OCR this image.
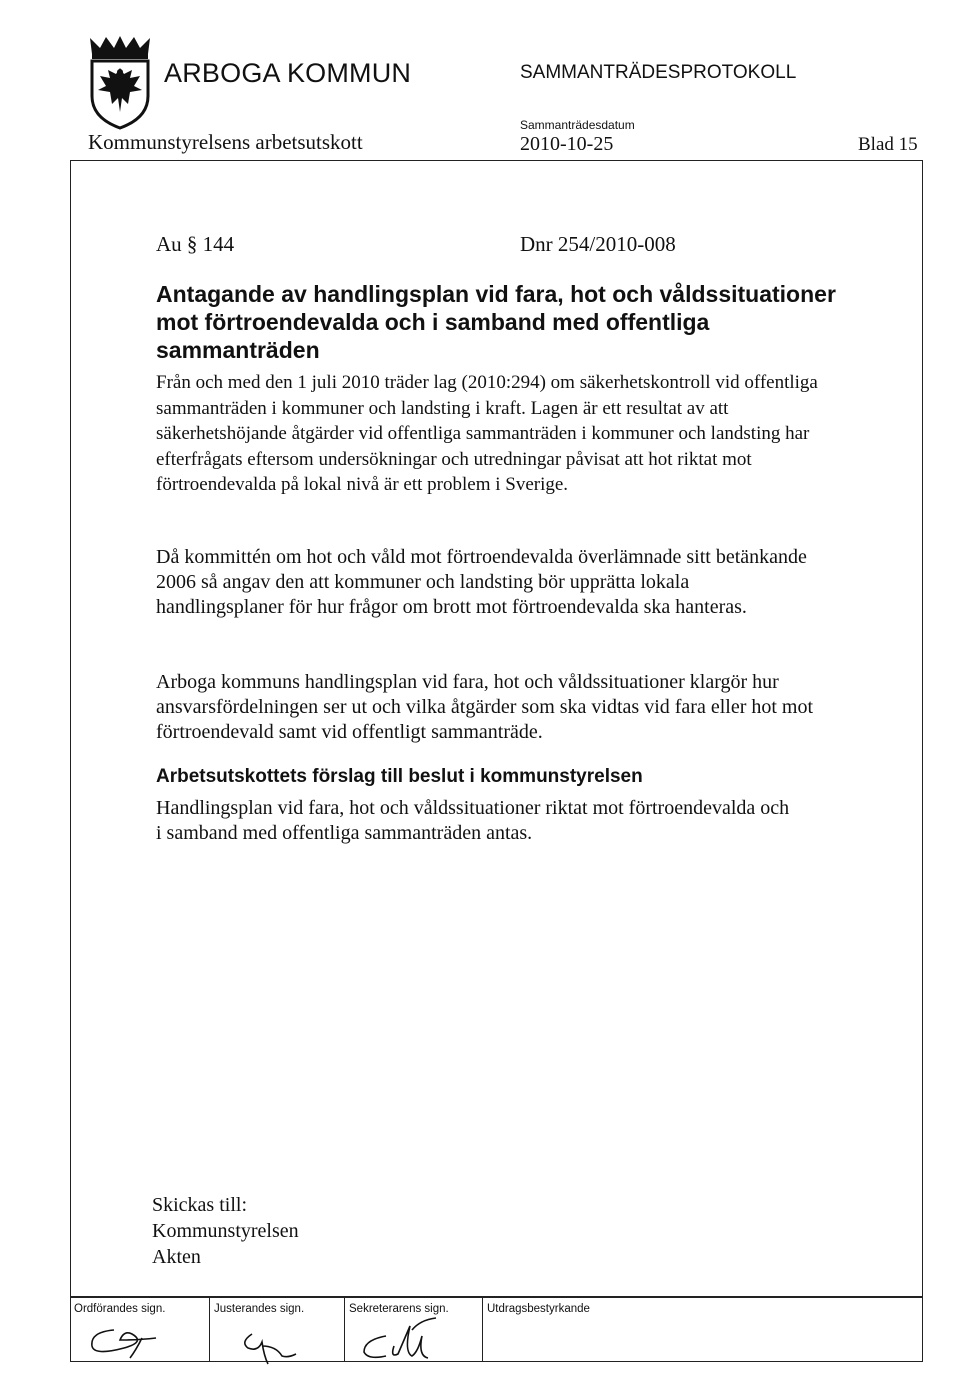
ARBOGA KOMMUN	SAMMANTRÄDESPROTOKOLL
Kommunstyrelsens arbetsutskott
Sammanträdesdatum
2010-10-25	Blad 15
Au § 144	Dnr 254/2010-008
Antagande av handlingsplan vid fara, hot och våldssituationer mot förtroendevalda och i samband med offentliga sammanträden
Från och med den 1 juli 2010 träder lag (2010:294) om säkerhetskontroll vid offentliga sammanträden i kommuner och landsting i kraft. Lagen är ett resultat av att säkerhetshöjande åtgärder vid offentliga sammanträden i kommuner och landsting har efterfrågats eftersom undersökningar och utredningar påvisat att hot riktat mot förtroendevalda på lokal nivå är ett problem i Sverige.
Då kommittén om hot och våld mot förtroendevalda överlämnade sitt betänkande 2006 så angav den att kommuner och landsting bör upprätta lokala handlingsplaner för hur frågor om brott mot förtroendevalda ska hanteras.
Arboga kommuns handlingsplan vid fara, hot och våldssituationer klargör hur ansvarsfördelningen ser ut och vilka åtgärder som ska vidtas vid fara eller hot mot förtroendevald samt vid offentligt sammanträde.
Arbetsutskottets förslag till beslut i kommunstyrelsen
Handlingsplan vid fara, hot och våldssituationer riktat mot förtroendevalda och i samband med offentliga sammanträden antas.
Skickas till:
Kommunstyrelsen
Akten
Ordförandes sign.	Justerandes sign.	Sekreterarens sign.	Utdragsbestyrkande
